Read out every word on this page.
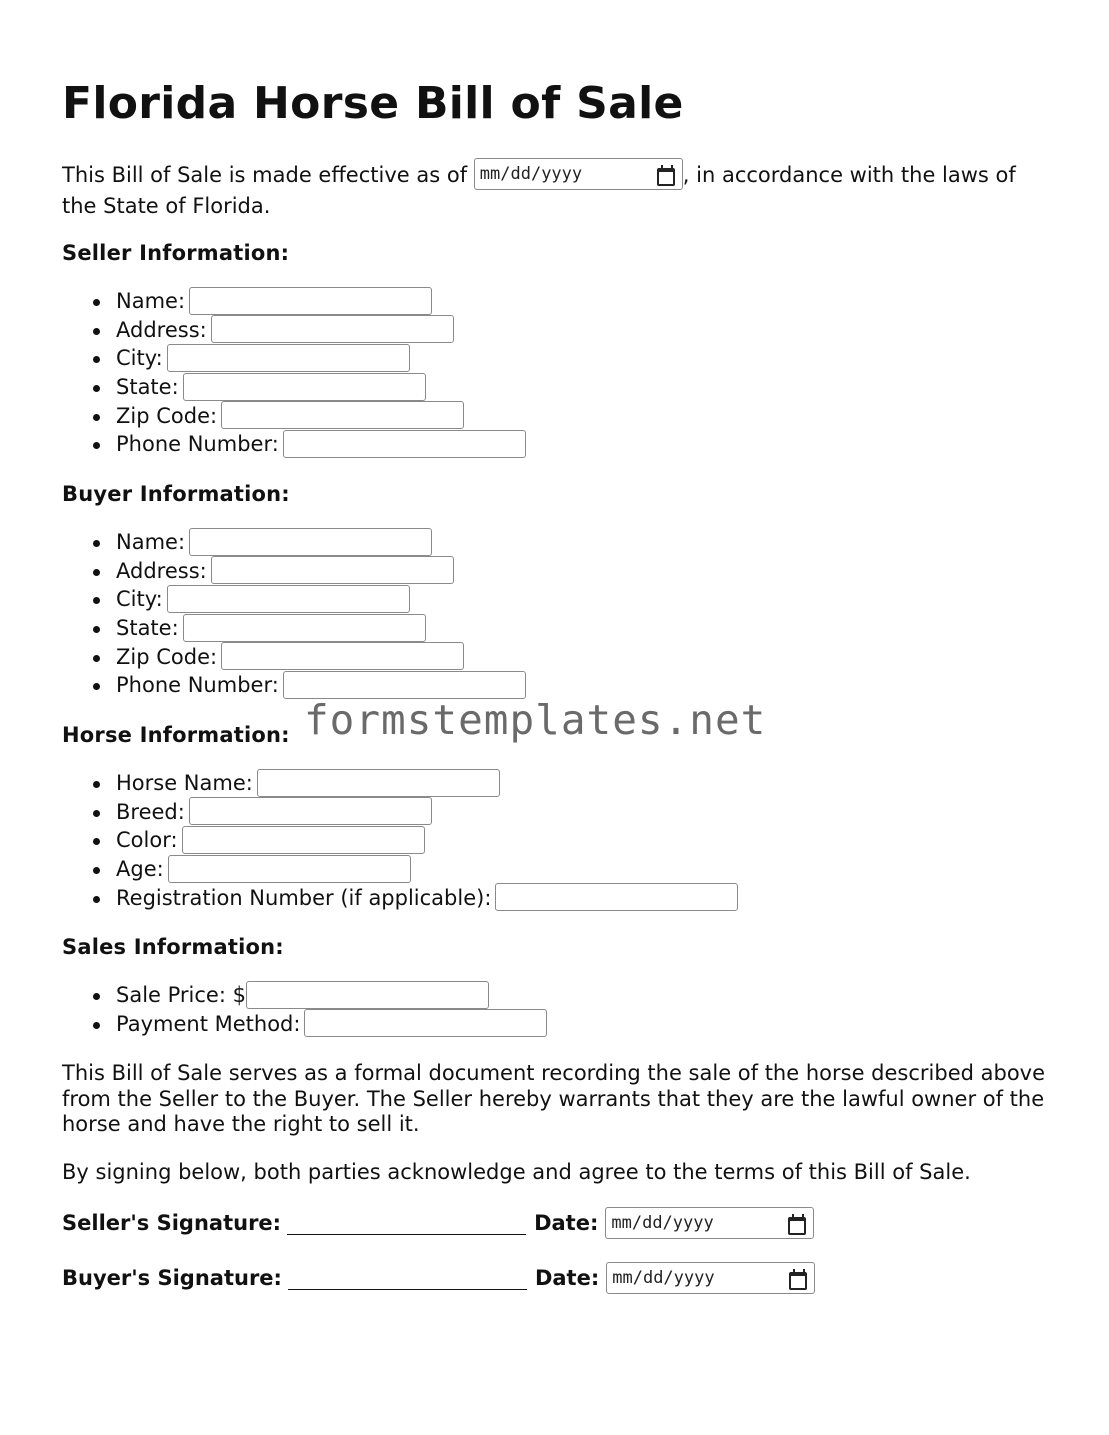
Florida Horse Bill of Sale

This Bill of Sale is made effective as of mm/dd/yyyy	, in accordance with the laws of the State of Florida.

Seller Information:
Name:
Address:
City:
State:
Zip Code:
Phone Number:
Buyer Information:
Name:
Address:
City:
State:
Zip Code:
Phone Number:
Horse Information:
Horse Name:
Breed:
Color:
Age:
Registration Number (if applicable):
Sales Information:
Sale Price: $
Payment Method:

This Bill of Sale serves as a formal document recording the sale of the horse described above from the Seller to the Buyer. The Seller hereby warrants that they are the lawful owner of the horse and have the right to sell it.

By signing below, both parties acknowledge and agree to the terms of this Bill of Sale.

Seller's Signature:	Date: mm/dd/yyyy
Buyer's Signature:	Date: mm/dd/yyyy
formstemplates.net
